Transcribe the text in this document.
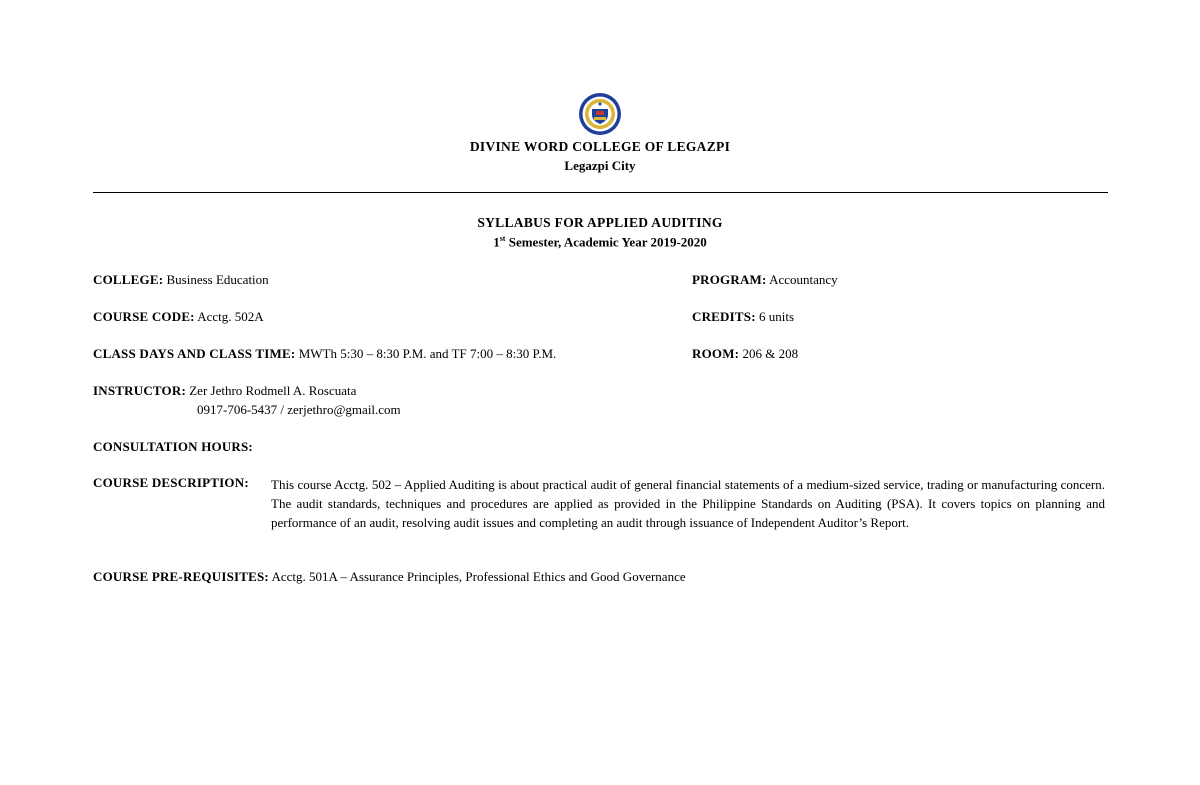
DIVINE WORD COLLEGE OF LEGAZPI
Legazpi City
SYLLABUS FOR APPLIED AUDITING
1st Semester, Academic Year 2019-2020
COLLEGE: Business Education	PROGRAM: Accountancy
COURSE CODE: Acctg. 502A	CREDITS: 6 units
CLASS DAYS AND CLASS TIME: MWTh 5:30 – 8:30 P.M. and TF 7:00 – 8:30 P.M.	ROOM: 206 & 208
INSTRUCTOR: Zer Jethro Rodmell A. Roscuata
0917-706-5437 / zerjethro@gmail.com
CONSULTATION HOURS:
COURSE DESCRIPTION: This course Acctg. 502 – Applied Auditing is about practical audit of general financial statements of a medium-sized service, trading or manufacturing concern. The audit standards, techniques and procedures are applied as provided in the Philippine Standards on Auditing (PSA). It covers topics on planning and performance of an audit, resolving audit issues and completing an audit through issuance of Independent Auditor’s Report.
COURSE PRE-REQUISITES: Acctg. 501A – Assurance Principles, Professional Ethics and Good Governance
